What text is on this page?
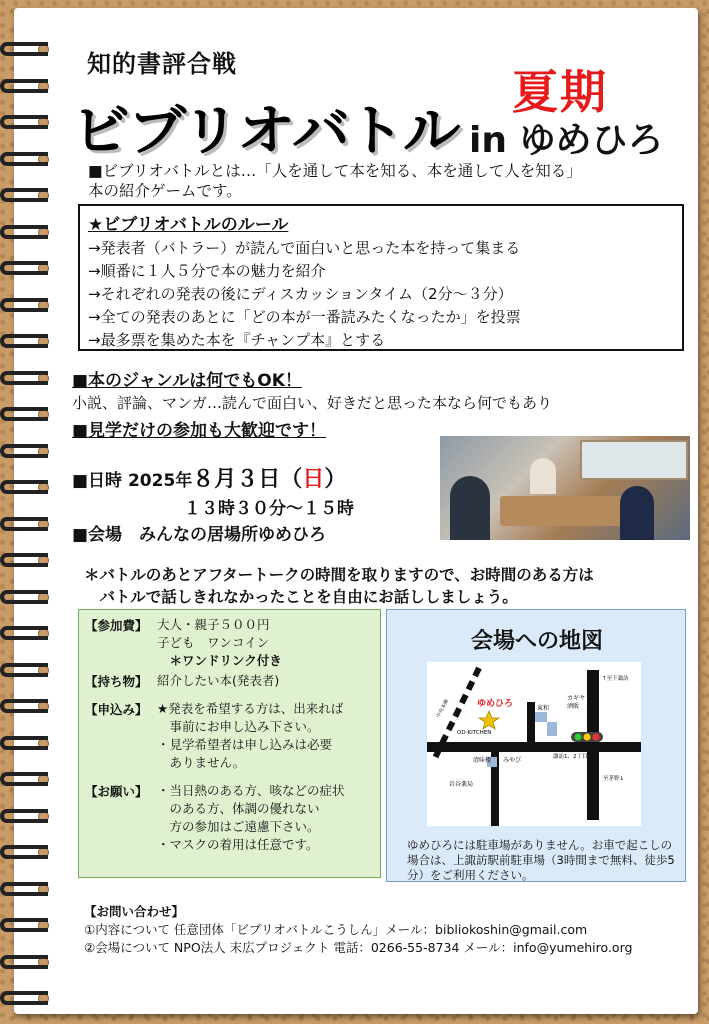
知的書評合戦
夏期
ビブリオバトル in ゆめひろ
■ビブリオバトルとは…「人を通して本を知る、本を通して人を知る」
本の紹介ゲームです。
★ビブリオバトルのルール
→発表者（バトラー）が読んで面白いと思った本を持って集まる
→順番に１人５分で本の魅力を紹介
→それぞれの発表の後にディスカッションタイム（2分～３分）
→全ての発表のあとに「どの本が一番読みたくなったか」を投票
→最多票を集めた本を『チャンプ本』とする
■本のジャンルは何でもOK！
小説、評論、マンガ…読んで面白い、好きだと思った本なら何でもあり
■見学だけの参加も大歓迎です！
■日時 2025年８月３日（日）
１３時３０分～１５時
■会場　みんなの居場所ゆめひろ
＊バトルのあとアフタートークの時間を取りますので、お時間のある方は
　バトルで話しきれなかったことを自由にお話ししましょう。
【参加費】 大人・親子５００円
子ども　ワンコイン
　＊ワンドリンク付き
【持ち物】 紹介したい本(発表者)
【申込み】 ★発表を希望する方は、出来れば
　事前にお申し込み下さい。
・見学希望者は申し込みは必要
　ありません。
【お願い】 ・当日熱のある方、咳などの症状
　のある方、体調の優れない
　方の参加はご遠慮下さい。
・マスクの着用は任意です。
会場への地図
ゆめひろ
OD-KITCHEN
東和
カギヤ
酒販
清味楼 みやび
岩谷薬局
諏訪1、2丁目
↑至下諏訪
至茅野↓
中央本線
ゆめひろには駐車場がありません。お車で起こしの場合は、上諏訪駅前駐車場（3時間まで無料、徒歩5分）をご利用ください。
【お問い合わせ】
①内容について 任意団体「ビブリオバトルこうしん」メール：bibliokoshin@gmail.com
②会場について NPO法人 末広プロジェクト 電話：0266-55-8734 メール：info@yumehiro.org
